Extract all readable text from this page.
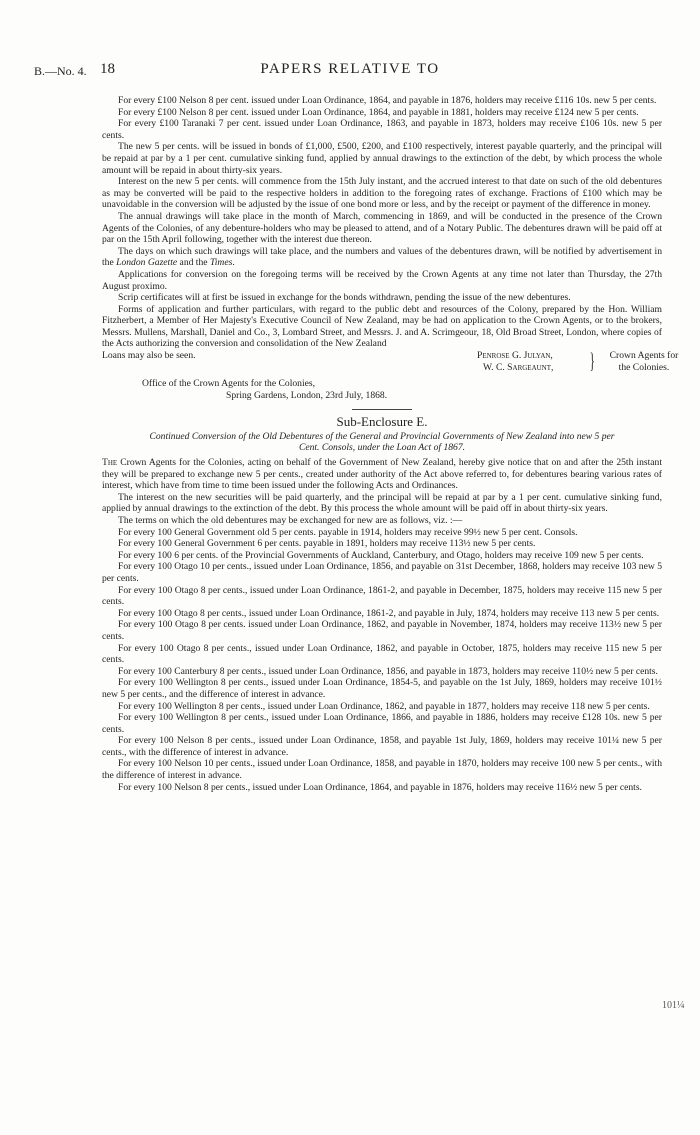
B.—No. 4. 18	PAPERS RELATIVE TO

For every £100 Nelson 8 per cent. issued under Loan Ordinance, 1864, and payable in 1876, holders may receive £116 10s. new 5 per cents.

For every £100 Nelson 8 per cent. issued under Loan Ordinance, 1864, and payable in 1881, holders may receive £124 new 5 per cents.

For every £100 Taranaki 7 per cent. issued under Loan Ordinance, 1863, and payable in 1873, holders may receive £106 10s. new 5 per cents.

The new 5 per cents. will be issued in bonds of £1,000, £500, £200, and £100 respectively, interest payable quarterly, and the principal will be repaid at par by a 1 per cent. cumulative sinking fund, applied by annual drawings to the extinction of the debt, by which process the whole amount will be repaid in about thirty-six years.

Interest on the new 5 per cents. will commence from the 15th July instant, and the accrued interest to that date on such of the old debentures as may be converted will be paid to the respective holders in addition to the foregoing rates of exchange. Fractions of £100 which may be unavoidable in the conversion will be adjusted by the issue of one bond more or less, and by the receipt or payment of the difference in money.

The annual drawings will take place in the month of March, commencing in 1869, and will be conducted in the presence of the Crown Agents of the Colonies, of any debenture-holders who may be pleased to attend, and of a Notary Public. The debentures drawn will be paid off at par on the 15th April following, together with the interest due thereon.

The days on which such drawings will take place, and the numbers and values of the debentures drawn, will be notified by advertisement in the London Gazette and the Times.

Applications for conversion on the foregoing terms will be received by the Crown Agents at any time not later than Thursday, the 27th August proximo.

Scrip certificates will at first be issued in exchange for the bonds withdrawn, pending the issue of the new debentures.

Forms of application and further particulars, with regard to the public debt and resources of the Colony, prepared by the Hon. William Fitzherbert, a Member of Her Majesty's Executive Council of New Zealand, may be had on application to the Crown Agents, or to the brokers, Messrs. Mullens, Marshall, Daniel and Co., 3, Lombard Street, and Messrs. J. and A. Scrimgeour, 18, Old Broad Street, London, where copies of the Acts authorizing the conversion and consolidation of the New Zealand

Loans may also be seen.	Penrose G. Julyan,
W. C. Sargeaunt,	}	Crown Agents for
the Colonies.
Office of the Crown Agents for the Colonies,
Spring Gardens, London, 23rd July, 1868.
Sub-Enclosure E.
Continued Conversion of the Old Debentures of the General and Provincial Governments of New Zealand into new 5 per Cent. Consols, under the Loan Act of 1867.

The Crown Agents for the Colonies, acting on behalf of the Government of New Zealand, hereby give notice that on and after the 25th instant they will be prepared to exchange new 5 per cents., created under authority of the Act above referred to, for debentures bearing various rates of interest, which have from time to time been issued under the following Acts and Ordinances.

The interest on the new securities will be paid quarterly, and the principal will be repaid at par by a 1 per cent. cumulative sinking fund, applied by annual drawings to the extinction of the debt. By this process the whole amount will be paid off in about thirty-six years.

The terms on which the old debentures may be exchanged for new are as follows, viz. :—

For every 100 General Government old 5 per cents. payable in 1914, holders may receive 99½ new 5 per cent. Consols.

For every 100 General Government 6 per cents. payable in 1891, holders may receive 113½ new 5 per cents.

For every 100 6 per cents. of the Provincial Governments of Auckland, Canterbury, and Otago, holders may receive 109 new 5 per cents.

For every 100 Otago 10 per cents., issued under Loan Ordinance, 1856, and payable on 31st December, 1868, holders may receive 103 new 5 per cents.

For every 100 Otago 8 per cents., issued under Loan Ordinance, 1861-2, and payable in December, 1875, holders may receive 115 new 5 per cents.

For every 100 Otago 8 per cents., issued under Loan Ordinance, 1861-2, and payable in July, 1874, holders may receive 113 new 5 per cents.

For every 100 Otago 8 per cents. issued under Loan Ordinance, 1862, and payable in November, 1874, holders may receive 113½ new 5 per cents.

For every 100 Otago 8 per cents., issued under Loan Ordinance, 1862, and payable in October, 1875, holders may receive 115 new 5 per cents.

For every 100 Canterbury 8 per cents., issued under Loan Ordinance, 1856, and payable in 1873, holders may receive 110½ new 5 per cents.

For every 100 Wellington 8 per cents., issued under Loan Ordinance, 1854-5, and payable on the 1st July, 1869, holders may receive 101½ new 5 per cents., and the difference of interest in advance.

For every 100 Wellington 8 per cents., issued under Loan Ordinance, 1862, and payable in 1877, holders may receive 118 new 5 per cents.

For every 100 Wellington 8 per cents., issued under Loan Ordinance, 1866, and payable in 1886, holders may receive £128 10s. new 5 per cents.

For every 100 Nelson 8 per cents., issued under Loan Ordinance, 1858, and payable 1st July, 1869, holders may receive 101¼ new 5 per cents., with the difference of interest in advance.

For every 100 Nelson 10 per cents., issued under Loan Ordinance, 1858, and payable in 1870, holders may receive 100 new 5 per cents., with the difference of interest in advance.

For every 100 Nelson 8 per cents., issued under Loan Ordinance, 1864, and payable in 1876, holders may receive 116½ new 5 per cents.

101¼
